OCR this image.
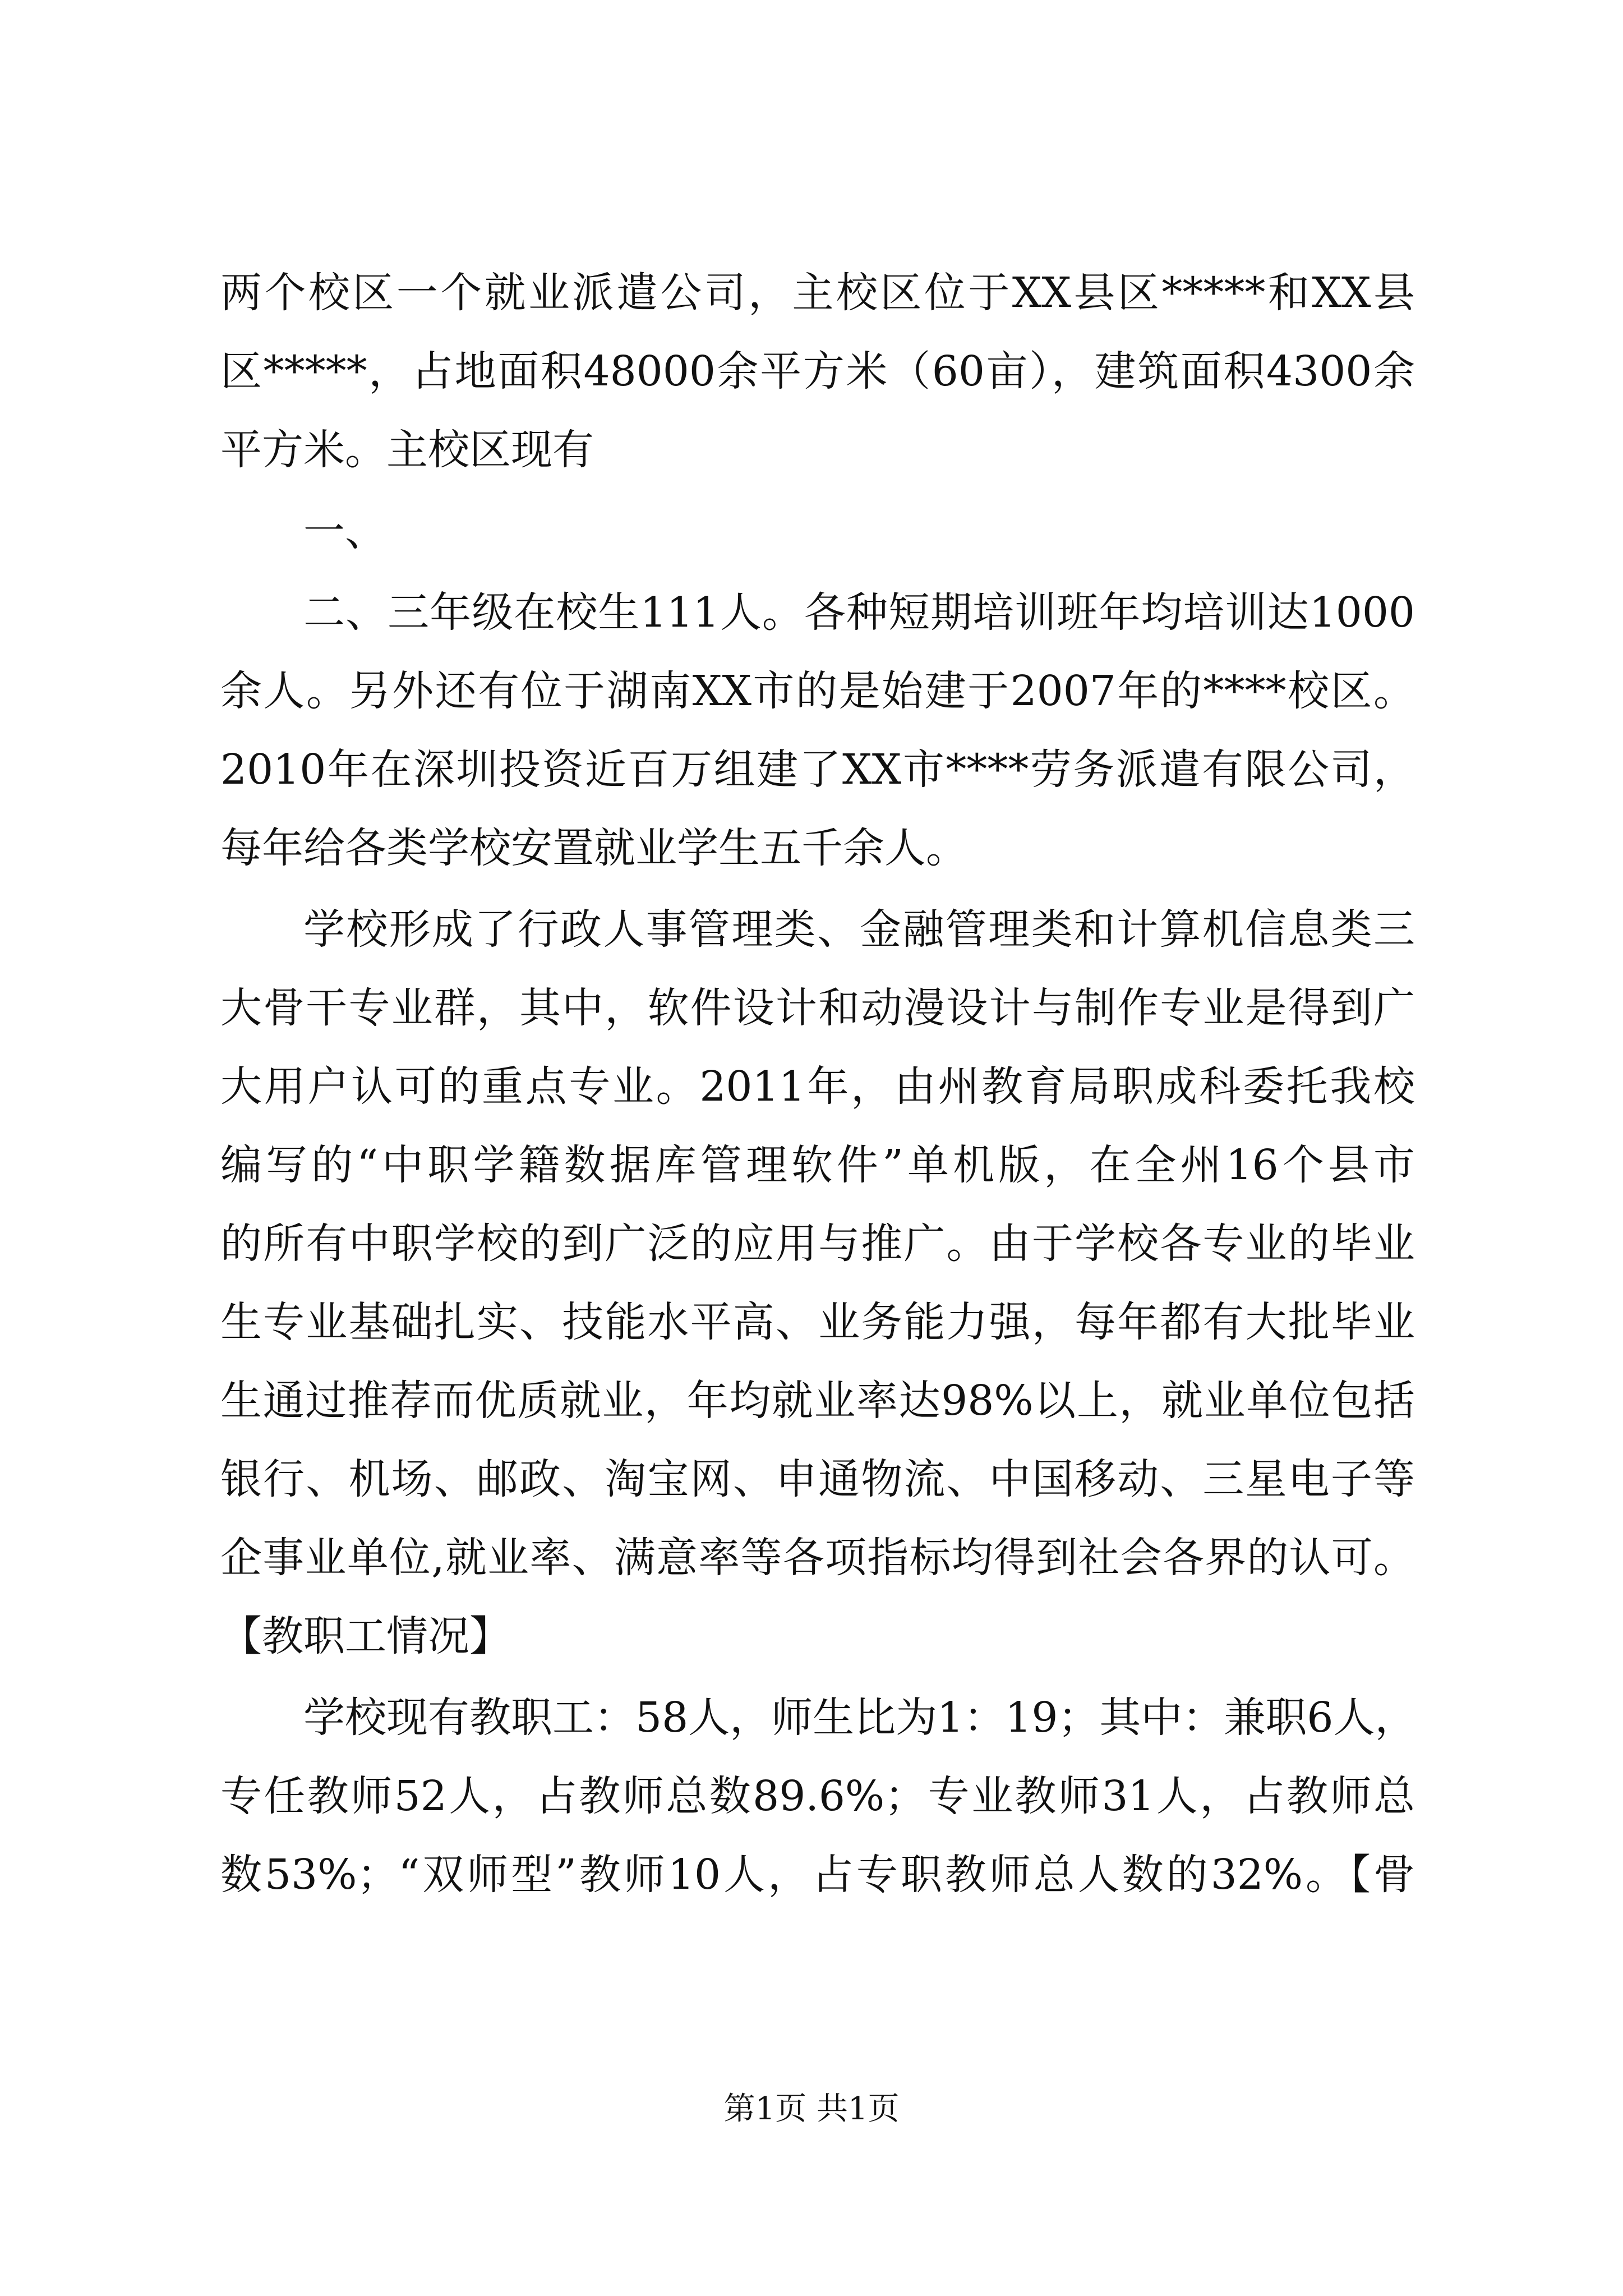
两个校区一个就业派遣公司，主校区位于XX县区*****和XX县
区*****，占地面积48000余平方米（60亩），建筑面积4300余
平方米。主校区现有
一、
二、三年级在校生111人。各种短期培训班年均培训达1000
余人。另外还有位于湖南XX市的是始建于2007年的****校区。
2010年在深圳投资近百万组建了XX市****劳务派遣有限公司，
每年给各类学校安置就业学生五千余人。
学校形成了行政人事管理类、金融管理类和计算机信息类三
大骨干专业群，其中，软件设计和动漫设计与制作专业是得到广
大用户认可的重点专业。2011年，由州教育局职成科委托我校
编写的“中职学籍数据库管理软件”单机版，在全州16个县市
的所有中职学校的到广泛的应用与推广。由于学校各专业的毕业
生专业基础扎实、技能水平高、业务能力强，每年都有大批毕业
生通过推荐而优质就业，年均就业率达98%以上，就业单位包括
银行、机场、邮政、淘宝网、申通物流、中国移动、三星电子等
企事业单位,就业率、满意率等各项指标均得到社会各界的认可。
【教职工情况】
学校现有教职工：58人，师生比为1：19；其中：兼职6人，
专任教师52人，占教师总数89.6%；专业教师31人，占教师总
数53%；“双师型”教师10人，占专职教师总人数的32%。【骨
第1页 共1页
